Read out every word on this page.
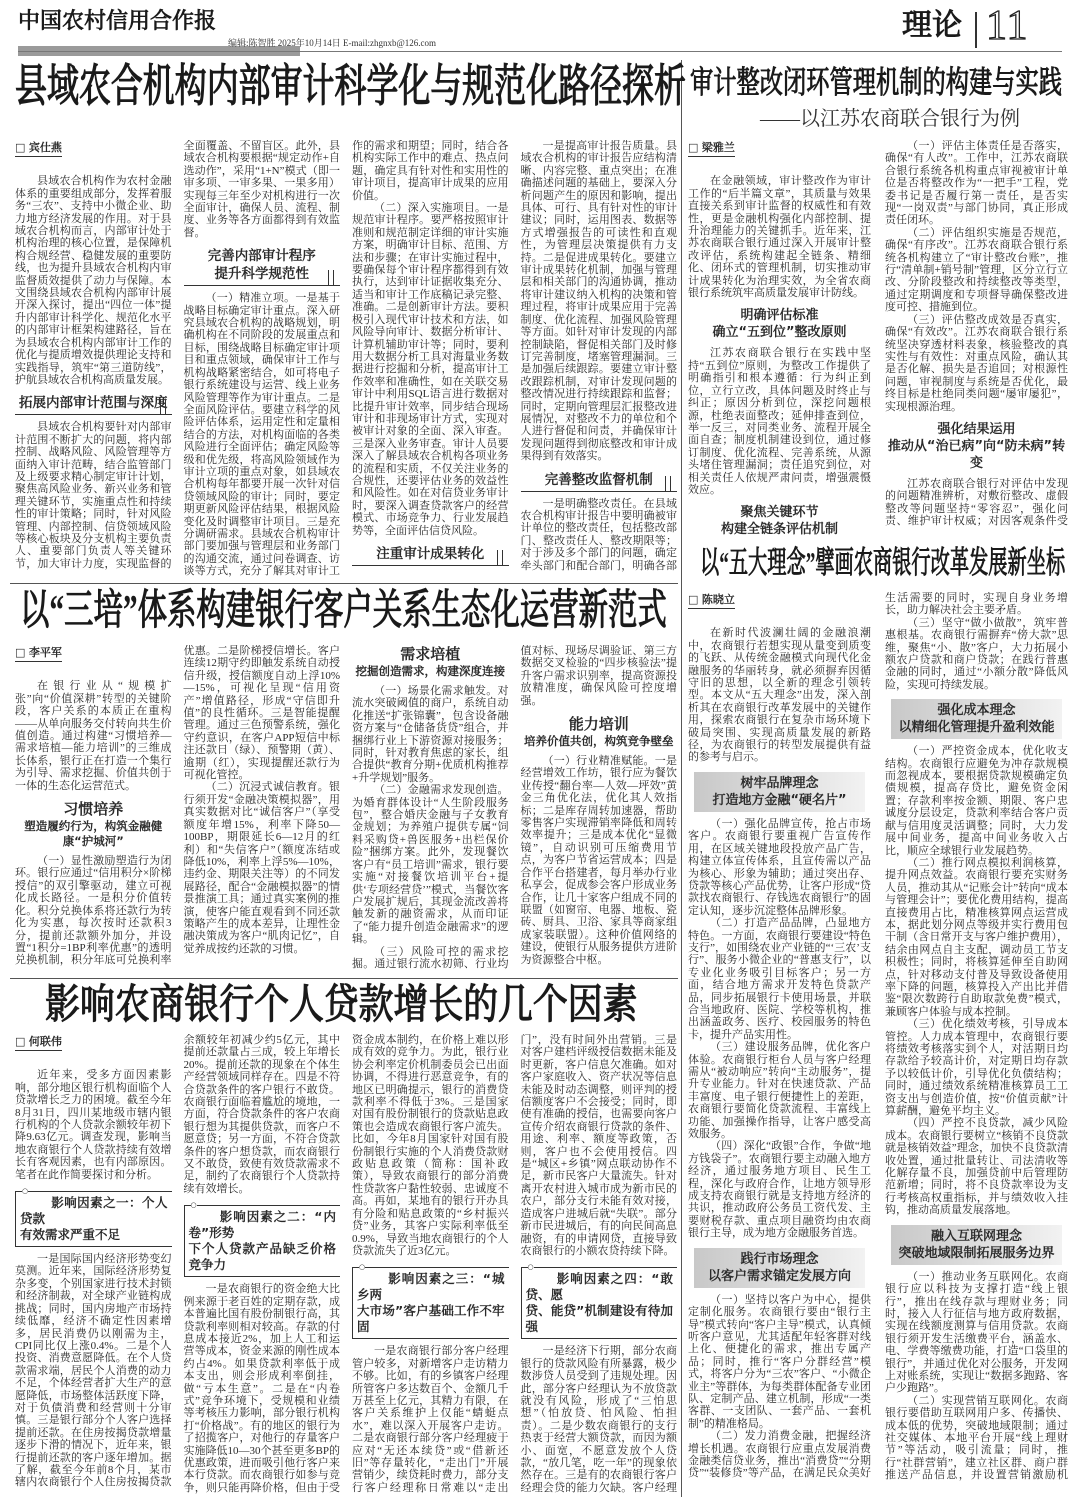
中国农村信用合作报
编辑:陈智胜 2025年10月14日 E-mail:zhgnxb@126.com
理论 11
县域农合机构内部审计科学化与规范化路径探析 审计整改闭环管理机制的构建与实践
——以江苏农商联合银行为例
以“三培”体系构建银行客户关系生态化运营新范式
以“五大理念”擘画农商银行改革发展新坐标
影响农商银行个人贷款增长的几个因素
□ 宾仕燕

县域农合机构作为农村金融体系的重要组成部分，发挥着服务“三农”、支持中小微企业、助力地方经济发展的作用。对于县域农合机构而言，内部审计处于机构治理的核心位置，是保障机构合规经营、稳健发展的重要防线，也为提升县域农合机构内审监督质效提供了动力与保障。本文围绕县域农合机构内部审计展开深入探讨，提出“四位一体”提升内部审计科学化、规范化水平的内部审计框架构建路径，旨在为县域农合机构内部审计工作的优化与提质增效提供理论支持和实践指导，筑牢“第三道防线”，护航县域农合机构高质量发展。

拓展内部审计范围与深度

县域农合机构要针对内部审计范围不断扩大的问题，将内部控制、战略风险、风险管理等方面纳入审计范畴，结合监管部门及上级要求精心制定审计计划，聚焦高风险业务、新兴业务和管理关键环节，实施重点性和持续性的审计策略；同时，针对风险管理、内部控制、信贷领域风险等核心板块及分支机构主要负责人、重要部门负责人等关键环节，加大审计力度，实现监督的全面覆盖、不留盲区。此外，县域农合机构要根据“规定动作+自选动作”，采用“1+N”模式（即一审多项、一审多果、一果多用）实现每三年至少对机构进行一次全面审计，确保人员、流程、制度、业务等各方面都得到有效监督。

完善内部审计程序
提升科学规范性

（一）精准立项。一是基于战略目标确定审计重点。深入研究县域农合机构的战略规划，明确机构在不同阶段的发展重点和目标，围绕战略目标确定审计项目和重点领域，确保审计工作与机构战略紧密结合，如可将电子银行系统建设与运营、线上业务风险管理等作为审计重点。二是全面风险评估。要建立科学的风险评估体系，运用定性和定量相结合的方法，对机构面临的各类风险进行全面评估；确定风险等级和优先级，将高风险领域作为审计立项的重点对象，如县域农合机构每年都要开展一次针对信贷领域风险的审计；同时，要定期更新风险评估结果，根据风险变化及时调整审计项目。三是充分调研需求。县域农合机构审计部门要加强与管理层和业务部门的沟通交流，通过问卷调查、访谈等方式，充分了解其对审计工作的需求和期望；同时，结合各机构实际工作中的难点、热点问题，确定具有针对性和实用性的审计项目，提高审计成果的应用价值。

（二）深入实施项目。一是规范审计程序。要严格按照审计准则和规范制定详细的审计实施方案，明确审计目标、范围、方法和步骤；在审计实施过程中，要确保每个审计程序都得到有效执行，达到审计证据收集充分、适当和审计工作底稿记录完整、准确。二是创新审计方法。要积极引入现代审计技术和方法，如风险导向审计、数据分析审计、计算机辅助审计等；同时，要利用大数据分析工具对海量业务数据进行挖掘和分析，提高审计工作效率和准确性，如在关联交易审计中利用SQL语言进行数据对比提升审计效率，同步结合现场审计和非现场审计方式，实现对被审计对象的全面、深入审查。三是深入业务审查。审计人员要深入了解县域农合机构各项业务的流程和实质，不仅关注业务的合规性，还要评估业务的效益性和风险性。如在对信贷业务审计时，要深入调查贷款客户的经营模式、市场竞争力、行业发展趋势等，全面评估信贷风险。

注重审计成果转化

一是提高审计报告质量。县域农合机构的审计报告应结构清晰、内容完整、重点突出；在准确描述问题的基础上，要深入分析问题产生的原因和影响，提出具体、可行、具有针对性的审计建议；同时，运用图表、数据等方式增强报告的可读性和直观性，为管理层决策提供有力支持。二是促进成果转化。要建立审计成果转化机制，加强与管理层和相关部门的沟通协调，推动将审计建议纳入机构的决策和管理过程，将审计成果应用于完善制度、优化流程、加强风险管理等方面。如针对审计发现的内部控制缺陷，督促相关部门及时修订完善制度，堵塞管理漏洞。三是加强后续跟踪。要建立审计整改跟踪机制，对审计发现问题的整改情况进行持续跟踪和监督；同时，定期向管理层汇报整改进展情况，对整改不力的单位和个人进行督促和问责，并确保审计发现问题得到彻底整改和审计成果得到有效落实。

完善整改监督机制

一是明确整改责任。在县域农合机构审计报告中要明确被审计单位的整改责任，包括整改部门、整改责任人、整改期限等；对于涉及多个部门的问题，确定牵头部门和配合部门，明确各部

□ 梁雅兰

在金融领域，审计整改作为审计工作的“后半篇文章”，其质量与效果直接关系到审计监督的权威性和有效性，更是金融机构强化内部控制、提升治理能力的关键抓手。近年来，江苏农商联合银行通过深入开展审计整改评估，系统构建起全链条、精细化、闭环式的管理机制，切实推动审计成果转化为治理实效，为全省农商银行系统筑牢高质量发展审计防线。

明确评估标准
确立“五到位”整改原则

江苏农商联合银行在实践中坚持“五到位”原则，为整改工作提供了明确指引和根本遵循：行为纠正到位，立行立改，具体问题及时终止与纠正；原因分析到位，深挖问题根源，杜绝表面整改；延伸排查到位，举一反三，对同类业务、流程开展全面自查；制度机制建设到位，通过修订制度、优化流程、完善系统，从源头堵住管理漏洞；责任追究到位，对相关责任人依规严肃问责，增强震慑效应。

聚焦关键环节
构建全链条评估机制

（一）评估主体责任是否落实，确保“有人改”。工作中，江苏农商联合银行系统各机构重点审视被审计单位是否将整改作为“一把手”工程，党委书记是否履行第一责任，是否实现“一岗双责”与部门协同，真正形成责任闭环。

（二）评估组织实施是否规范，确保“有序改”。江苏农商联合银行系统各机构建立了“审计整改台账”，推行“清单制+销号制”管理，区分立行立改、分阶段整改和持续整改等类型，通过定期调度和专项督导确保整改进度可控、措施到位。

（三）评估整改成效是否真实，确保“有效改”。江苏农商联合银行系统坚决穿透材料表象，核验整改的真实性与有效性：对重点风险，确认其是否化解、损失是否追回；对根源性问题，审视制度与系统是否优化，最终目标是杜绝同类问题“屡审屡犯”，实现根源治理。

强化结果运用
推动从“治已病”向“防未病”转变

江苏农商联合银行对评估中发现的问题精准辨析，对敷衍整改、虚假整改等问题坚持“零容忍”，强化问责、维护审计权威；对因客观条件受

□ 李平军

在银行业从“规模扩张”向“价值深耕”转型的关键阶段，客户关系的本质正在重构——从单向服务交付转向共生价值创造。通过构建“习惯培养—需求培植—能力培训”的三维成长体系，银行正在打造一个集行为引导、需求挖掘、价值共创于一体的生态化运营范式。

习惯培养
塑造履约行为，构筑金融健康“护城河”

（一）显性激励塑造行为闭环。银行应通过“信用积分×阶梯授信”的双引擎驱动，建立可视化成长路径。一是积分价值转化。积分兑换体系将还款行为转化为实惠，每次按时还款积3分，提前还款额外加分，并设置“1积分=1BP利率优惠”的透明兑换机制，积分年底可兑换利率优惠。二是阶梯授信增长。客户连续12期守约即触发系统自动授信升级，授信额度自动上浮10%—15%，可视化呈现“信用资产”增值路径，形成“守信即升值”的良性循环。三是智能提醒管理。通过三色预警系统，强化守约意识，在客户APP短信中标注还款日（绿）、预警期（黄）、逾期（红），实现提醒还款行为可视化管控。

（二）沉浸式诚信教育。银行须开发“金融决策模拟器”，用真实数据对比“诚信客户”（享受额度年增15%，利率下降50—100BP，期限延长6—12月的红利）和“失信客户”（额度冻结或降低10%，利率上浮5%—10%，违约金、期限关注等）的不同发展路径，配合“金融模拟器”的情景推演工具；通过真实案例的推演，使客户能直观看到不同还款策略产生的成本差异，让理性金融决策成为客户“肌肉记忆”，自觉养成按约还款的习惯。

需求培植
挖掘创造需求，构建深度连接

（一）场景化需求触发。对流水突破阈值的商户，系统自动化推送“扩张锦囊”，包含设备融资方案与“仓储备货贷”组合，并捆绑行业上下游资源对接服务；同时，针对教育焦虑的家长，组合提供“教育分期+优质机构推荐+升学规划”服务。

（二）金融需求发现创造。为婚育群体设计“人生阶段服务包”，整合婚庆金融与子女教育金规划；为养殖户提供专属“饲料采购贷+兽医服务+出栏保价险”捆绑方案。此外，发现餐饮客户有“员工培训”需求，银行要实施“对接餐饮培训平台+提供‘专项经营贷’”模式，当餐饮客户发展扩规后，其现金流改善将触发新的融资需求，从而印证了“能力提升创造金融需求”的逻辑。

（三）风险可控的需求挖掘。通过银行流水初筛、行业均值对标、现场尽调验证、第三方数据交叉检验的“四步核验法”提升客户需求识别率，提高资源投放精准度，确保风险可控度增强。

能力培训
培养价值共创，构筑竞争壁垒

（一）行业精准赋能。一是经营增效工作坊，银行应为餐饮业传授“翻台率—人效—坪效”黄金三角优化法，优化其人效指标；二是库存周转加速器，帮助零售客户实现滞销率降低和周转效率提升；三是成本优化“显微镜”，自动识别可压缩费用节点，为客户节省运营成本；四是合作平台搭建者，每月举办行业私享会，促成参会客户形成业务合作，让几十家客户组成不同的联盟（如窗帘、电器、地板、瓷砖、厨具、卫浴、家具等商家组成家装联盟）。这种价值网络的建设，使银行从服务提供方进阶为资源整合中枢。

□ 陈晓立

在新时代波澜壮阔的金融浪潮中，农商银行若想实现从量变到质变的飞跃、从传统金融模式向现代化金融服务的华丽转身，就必须摒弃因循守旧的思想，以全新的理念引领转型。本文从“五大理念”出发，深入剖析其在农商银行改革发展中的关键作用，探索农商银行在复杂市场环境下破局突围、实现高质量发展的新路径，为农商银行的转型发展提供有益的参考与启示。

树牢品牌理念
打造地方金融“硬名片”

（一）强化品牌宣传，抢占市场客户。农商银行要重视广告宣传作用，在区域关键地段投放产品广告，构建立体宣传体系，且宣传需以产品为核心、形象为辅助；通过突出存、贷款等核心产品优势，让客户形成“贷款找农商银行、存钱选农商银行”的固定认知，逐步沉淀整体品牌形象。

（二）打造产品品牌，凸显地方特色。一方面，农商银行要建设“特色支行”，如围绕农业产业链的“‘三农’支行”、服务小微企业的“普惠支行”，以专业化业务吸引目标客户；另一方面，结合地方需求开发特色贷款产品，同步拓展银行卡使用场景，并联合当地政府、医院、学校等机构，推出涵盖政务、医疗、校园服务的特色卡，提升产品实用性。

（三）建设服务品牌，优化客户体验。农商银行柜台人员与客户经理需从“被动响应”转向“主动服务”，提升专业能力。针对在快速贷款、产品丰富度、电子银行便捷性上的差距，农商银行要简化贷款流程、丰富线上功能、加强操作指导，让客户感受高效服务。

（四）深化“政银”合作，争做“地方钱袋子”。农商银行要主动融入地方经济，通过服务地方项目、民生工程，深化与政府合作，让地方领导形成支持农商银行就是支持地方经济的共识，推动政府公务员工资代发、主要财税存款、重点项目融资均由农商银行主导，成为地方金融服务首选。

践行市场理念
以客户需求锚定发展方向

（一）坚持以客户为中心，提供定制化服务。农商银行要由“银行主导”模式转向“客户主导”模式，认真倾听客户意见，尤其适配年轻客群对线上化、便捷化的需求，推出专属产品；同时，推行“客户分群经营”模式，将客户分为“三农”客户、“小微企业主”等群体，为每类群体配备专业团队、定制产品、建立机制，形成“一类客群、一支团队、一套产品、一套机制”的精准格局。

（二）发力消费金融，把握经济增长机遇。农商银行应重点发展消费金融类信贷业务，推出“消费贷”“分期贷”“装修贷”等产品，在满足民众美好生活需要的同时，实现自身业务增长，助力解决社会主要矛盾。

（三）坚守“做小做散”，筑牢普惠根基。农商银行需摒弃“傍大款”思维，聚焦“小、散”客户，大力拓展小额农户贷款和商户贷款；在践行普惠金融的同时，通过“小额分散”降低风险，实现可持续发展。

强化成本理念
以精细化管理提升盈利效能

（一）严控资金成本，优化收支结构。农商银行应避免为冲存款规模而忽视成本，要根据贷款规模确定负债规模，提高存贷比，避免资金闲置；存款利率按金额、期限、客户忠诚度分层设定，贷款利率结合客户贡献与信用度灵活调整；同时，大力发展中间业务，提高中间业务收入占比，顺应全球银行业发展趋势。

（二）推行网点模拟利润核算，提升网点效益。农商银行要充实财务人员，推动其从“记账会计”转向“成本与管理会计”；要优化费用结构，提高直接费用占比，精准核算网点运营成本，据此划分网点等级并实行费用包干制（含日常开支与客户维护费用），结余由网点自主支配，调动员工节支积极性；同时，将核算延伸至自助网点，针对移动支付普及导致设备使用率下降的问题，核算投入产出比并借鉴“限次数跨行自助取款免费”模式，兼顾客户体验与成本控制。

（三）优化绩效考核，引导成本管控。人力成本管理中，农商银行要将绩效考核落实到个人，对活期日均存款给予较高计价，对定期日均存款予以较低计价，引导优化负债结构；同时，通过绩效系统精准核算员工工资支出与创造价值，按“价值贡献”计算薪酬，避免平均主义。

（四）严控不良贷款，减少风险成本。农商银行要树立“核销不良贷款就是核销效益”理念，加快不良贷款清收处置，通过批量转让、司法清收等化解存量不良，加强贷前中后管理防范新增；同时，将不良贷款率设为支行考核高权重指标，并与绩效收入挂钩，推动高质量发展落地。

融入互联网理念
突破地域限制拓展服务边界

（一）推动业务互联网化。农商银行应以科技为支撑打造“线上银行”，推出在线存款与理财业务；同时，接入人行征信与地方政府数据，实现在线额度测算与信用贷款。农商银行须开发生活缴费平台，涵盖水、电、学费等缴费功能，打造“口袋里的银行”，并通过优化对公服务，开发网上对账系统，实现让“数据多跑路、客户少跑路”。

（二）实现营销互联网化。农商银行要借助互联网用户多、传播快、成本低的优势，突破地域限制；通过社交媒体、本地平台开展“线上理财节”等活动，吸引流量；同时，推行“社群营销”，建立社区群、商户群推送产品信息，并设置营销激励机

□ 何联伟

近年来，受多方面因素影响，部分地区银行机构面临个人贷款增长乏力的困境。截至今年8月31日，四川某地级市辖内银行机构的个人贷款余额较年初下降9.63亿元。调查发现，影响当地农商银行个人贷款持续有效增长有客观因素，也有内部原因。笔者在此作简要探讨和分析。

○ 影响因素之一：个人贷款
有效需求严重不足

一是国际国内经济形势变幻莫测。近年来，国际经济形势复杂多变，个别国家进行技术封锁和经济制裁，对全球产业链构成挑战；同时，国内房地产市场持续低靡，经济不确定性因素增多，居民消费仍以刚需为主，CPI同比仅上涨0.4%。二是个人投资、消费意愿降低。在个人贷款需求端，居民个人消费的动力不足，个体经营者扩大生产的意愿降低，市场整体活跃度下降，对于负债消费和经营则十分审慎。三是银行部分个人客户选择提前还款。在住房按揭贷款增量逐步下滑的情况下，近年来，银行提前还款的客户逐年增加。据了解，截至今年前8个月，某市辖内农商银行个人住房按揭贷款余额较年初减少约5亿元，其中提前还款量占三成，较上年增长20%。提前还款的现象在个体生产经营领域同样存在。四是不符合贷款条件的客户银行不敢贷。农商银行面临着尴尬的境地，一方面，符合贷款条件的客户农商银行想为其提供贷款，而客户不愿意贷；另一方面，不符合贷款条件的客户想贷款，而农商银行又不敢贷，致使有效贷款需求不足，制约了农商银行个人贷款持续有效增长。

○ 影响因素之二：“内卷”形势
下个人贷款产品缺乏价格竞争力

一是农商银行的资金绝大比例来源于老百姓的定期存款，成本普遍比国有股份制银行高，其贷款利率则相对较高。存款的付息成本接近2%，加上人工和运营等成本，资金来源的刚性成本约占4%。如果贷款利率低于成本支出，则会形成利率倒挂，做“亏本生意”。二是在“内卷式”竞争环境下，受规模和业绩等考核压力影响，部分银行机构打“价格战”。有的地区的银行为了招揽客户，对他行的存量客户实施降低10—30个甚至更多BP的优惠政策，进而吸引他行客户来本行贷款。而农商银行如参与竞争，则只能再降价格，但由于受资金成本制约，在价格上难以形成有效的竞争力。为此，银行业协会利率定价机制委员会已出面协调，不得进行恶意竞争，有的地区已明确提示，银行的消费贷款利率不得低于3%。三是国家对国有股份制银行的贷款贴息政策也会造成农商银行客户流失。比如，今年8月国家针对国有股份制银行实施的个人消费贷款财政贴息政策（简称：国补政策），导致农商银行的部分消费性贷款客户黏性较弱、忠诚度不高。再如，某地有的银行开办具有分险和贴息政策的“乡村振兴贷”业务，其客户实际利率低至0.9%，导致当地农商银行的个人贷款流失了近3亿元。

○ 影响因素之三：“城乡两
大市场”客户基础工作不牢固

一是农商银行部分客户经理管户较多，对新增客户走访精力不够。比如，有的乡镇客户经理所管客户多达数百个、金额几千万甚至上亿元，其精力有限，在客户关系维护上仅能“蜻蜓点水”，难以深入开展客户走访。二是农商银行部分客户经理疲于应对“无还本续贷”或“借新还旧”等存量转化，“走出门”开展营销少，续贷耗时费力，部分支行客户经理称日常难以“走出门”，没有时间外出营销。三是对客户建档评级授信数据未能及时更新，客户信息欠准确。如对客户家庭收入、资产状况等信息未能及时动态调整，则评判的授信额度客户不会接受；同时，即使有准确的授信，也需要向客户宣传介绍农商银行贷款的条件、用途、利率、额度等政策，否则，客户也不会使用授信。四是“城区+乡镇”网点联动协作不足，新市民客户大量流失。针对离开农村进入城市成为新市民的农户，部分支行未能有效对接，造成客户进城后就“失联”。部分新市民进城后，有的向民间高息融资，有的申请网贷，直接导致农商银行的小额农贷持续下降。

○ 影响因素之四：“敢贷、愿
贷、能贷”机制建设有待加强

一是经济下行期，部分农商银行的贷款风险有所暴露，极少数涉贷人员受到了违规处理。因此，部分客户经理认为不放贷款就没有风险，形成了“三怕思想”（怕放贷、怕风险、怕担责）。二是少数农商银行的支行热衷于经营大额贷款，而因为额小、面宽，不愿意发放个人贷款，“放几笔，吃一年”的现象依然存在。三是有的农商银行客户经理会贷的能力欠缺。客户经理
